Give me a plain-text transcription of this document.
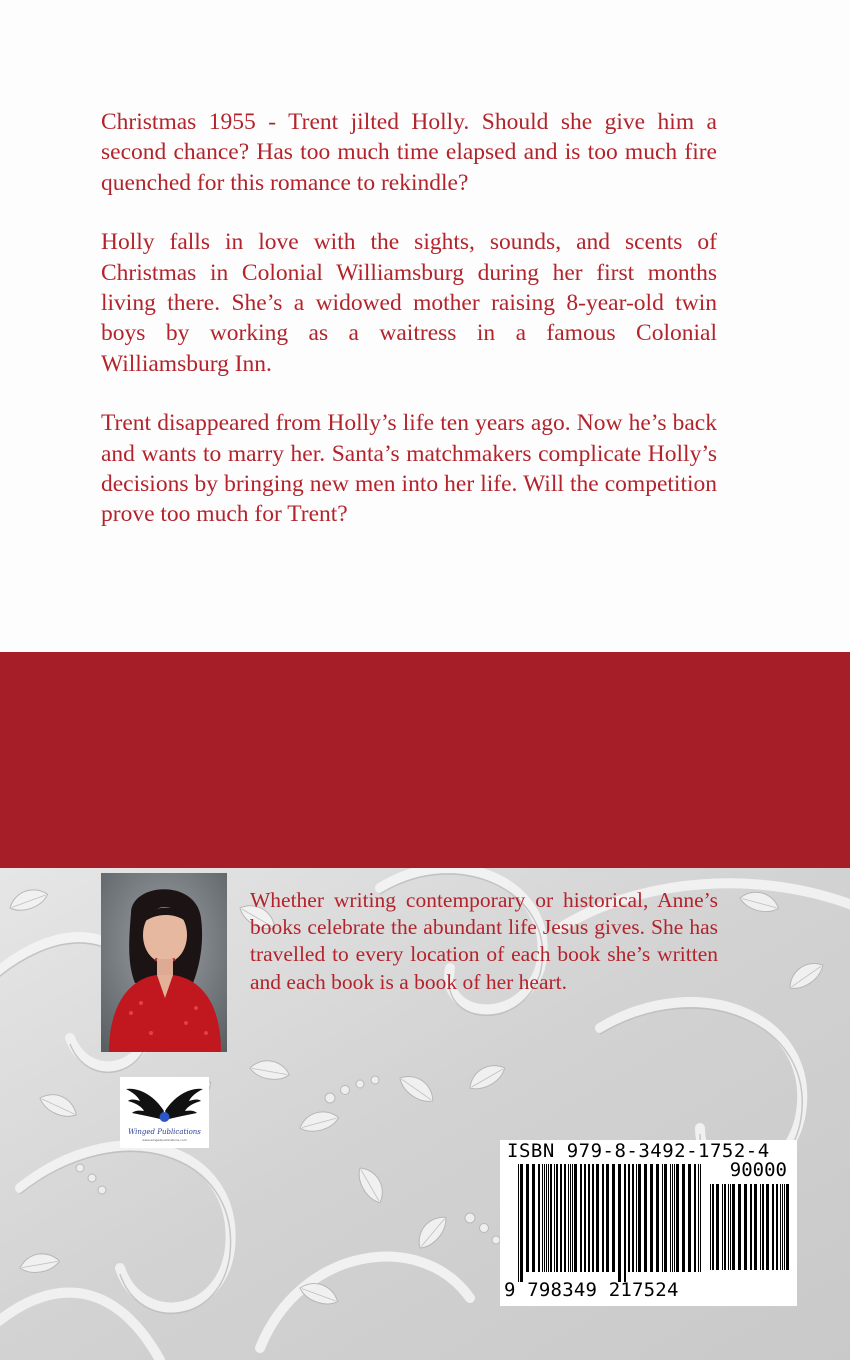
Christmas 1955 - Trent jilted Holly. Should she give him a second chance? Has too much time elapsed and is too much fire quenched for this romance to rekindle?

Holly falls in love with the sights, sounds, and scents of Christmas in Colonial Williamsburg during her first months living there. She’s a widowed mother raising 8-year-old twin boys by working as a waitress in a famous Colonial Williamsburg Inn.

Trent disappeared from Holly’s life ten years ago. Now he’s back and wants to marry her. Santa’s matchmakers complicate Holly’s decisions by bringing new men into her life. Will the competition prove too much for Trent?

Whether writing contemporary or historical, Anne’s books celebrate the abundant life Jesus gives. She has travelled to every location of each book she’s written and each book is a book of her heart.
Winged Publications
www.wingedpublications.com	ISBN 979-8-3492-1752-4
90000
9 798349 217524
